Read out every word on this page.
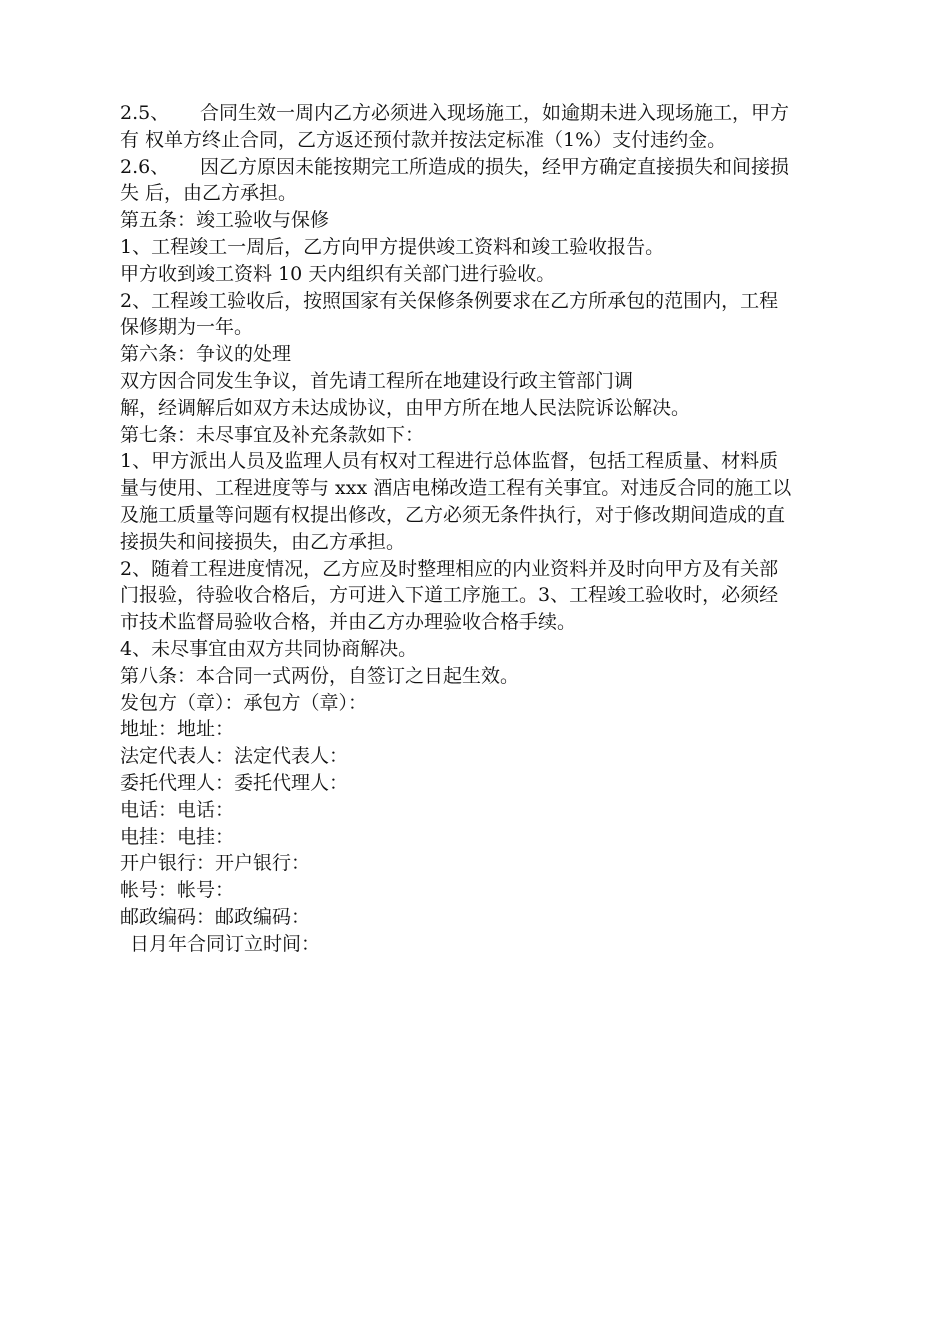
2.5、 合同生效一周内乙方必须进入现场施工，如逾期未进入现场施工，甲方
有 权单方终止合同，乙方返还预付款并按法定标准（1%）支付违约金。
2.6、 因乙方原因未能按期完工所造成的损失，经甲方确定直接损失和间接损
失 后，由乙方承担。
第五条：竣工验收与保修
1、工程竣工一周后，乙方向甲方提供竣工资料和竣工验收报告。
甲方收到竣工资料 10 天内组织有关部门进行验收。
2、工程竣工验收后，按照国家有关保修条例要求在乙方所承包的范围内，工程
保修期为一年。
第六条：争议的处理
双方因合同发生争议，首先请工程所在地建设行政主管部门调
解，经调解后如双方未达成协议，由甲方所在地人民法院诉讼解决。
第七条：未尽事宜及补充条款如下：
1、甲方派出人员及监理人员有权对工程进行总体监督，包括工程质量、材料质
量与使用、工程进度等与 xxx 酒店电梯改造工程有关事宜。对违反合同的施工以
及施工质量等问题有权提出修改，乙方必须无条件执行，对于修改期间造成的直
接损失和间接损失，由乙方承担。
2、随着工程进度情况，乙方应及时整理相应的内业资料并及时向甲方及有关部
门报验，待验收合格后，方可进入下道工序施工。3、工程竣工验收时，必须经
市技术监督局验收合格，并由乙方办理验收合格手续。
4、未尽事宜由双方共同协商解决。
第八条：本合同一式两份，自签订之日起生效。
发包方（章）：承包方（章）：
地址：地址：
法定代表人：法定代表人：
委托代理人：委托代理人：
电话：电话：
电挂：电挂：
开户银行：开户银行：
帐号：帐号：
邮政编码：邮政编码：
日月年合同订立时间：
